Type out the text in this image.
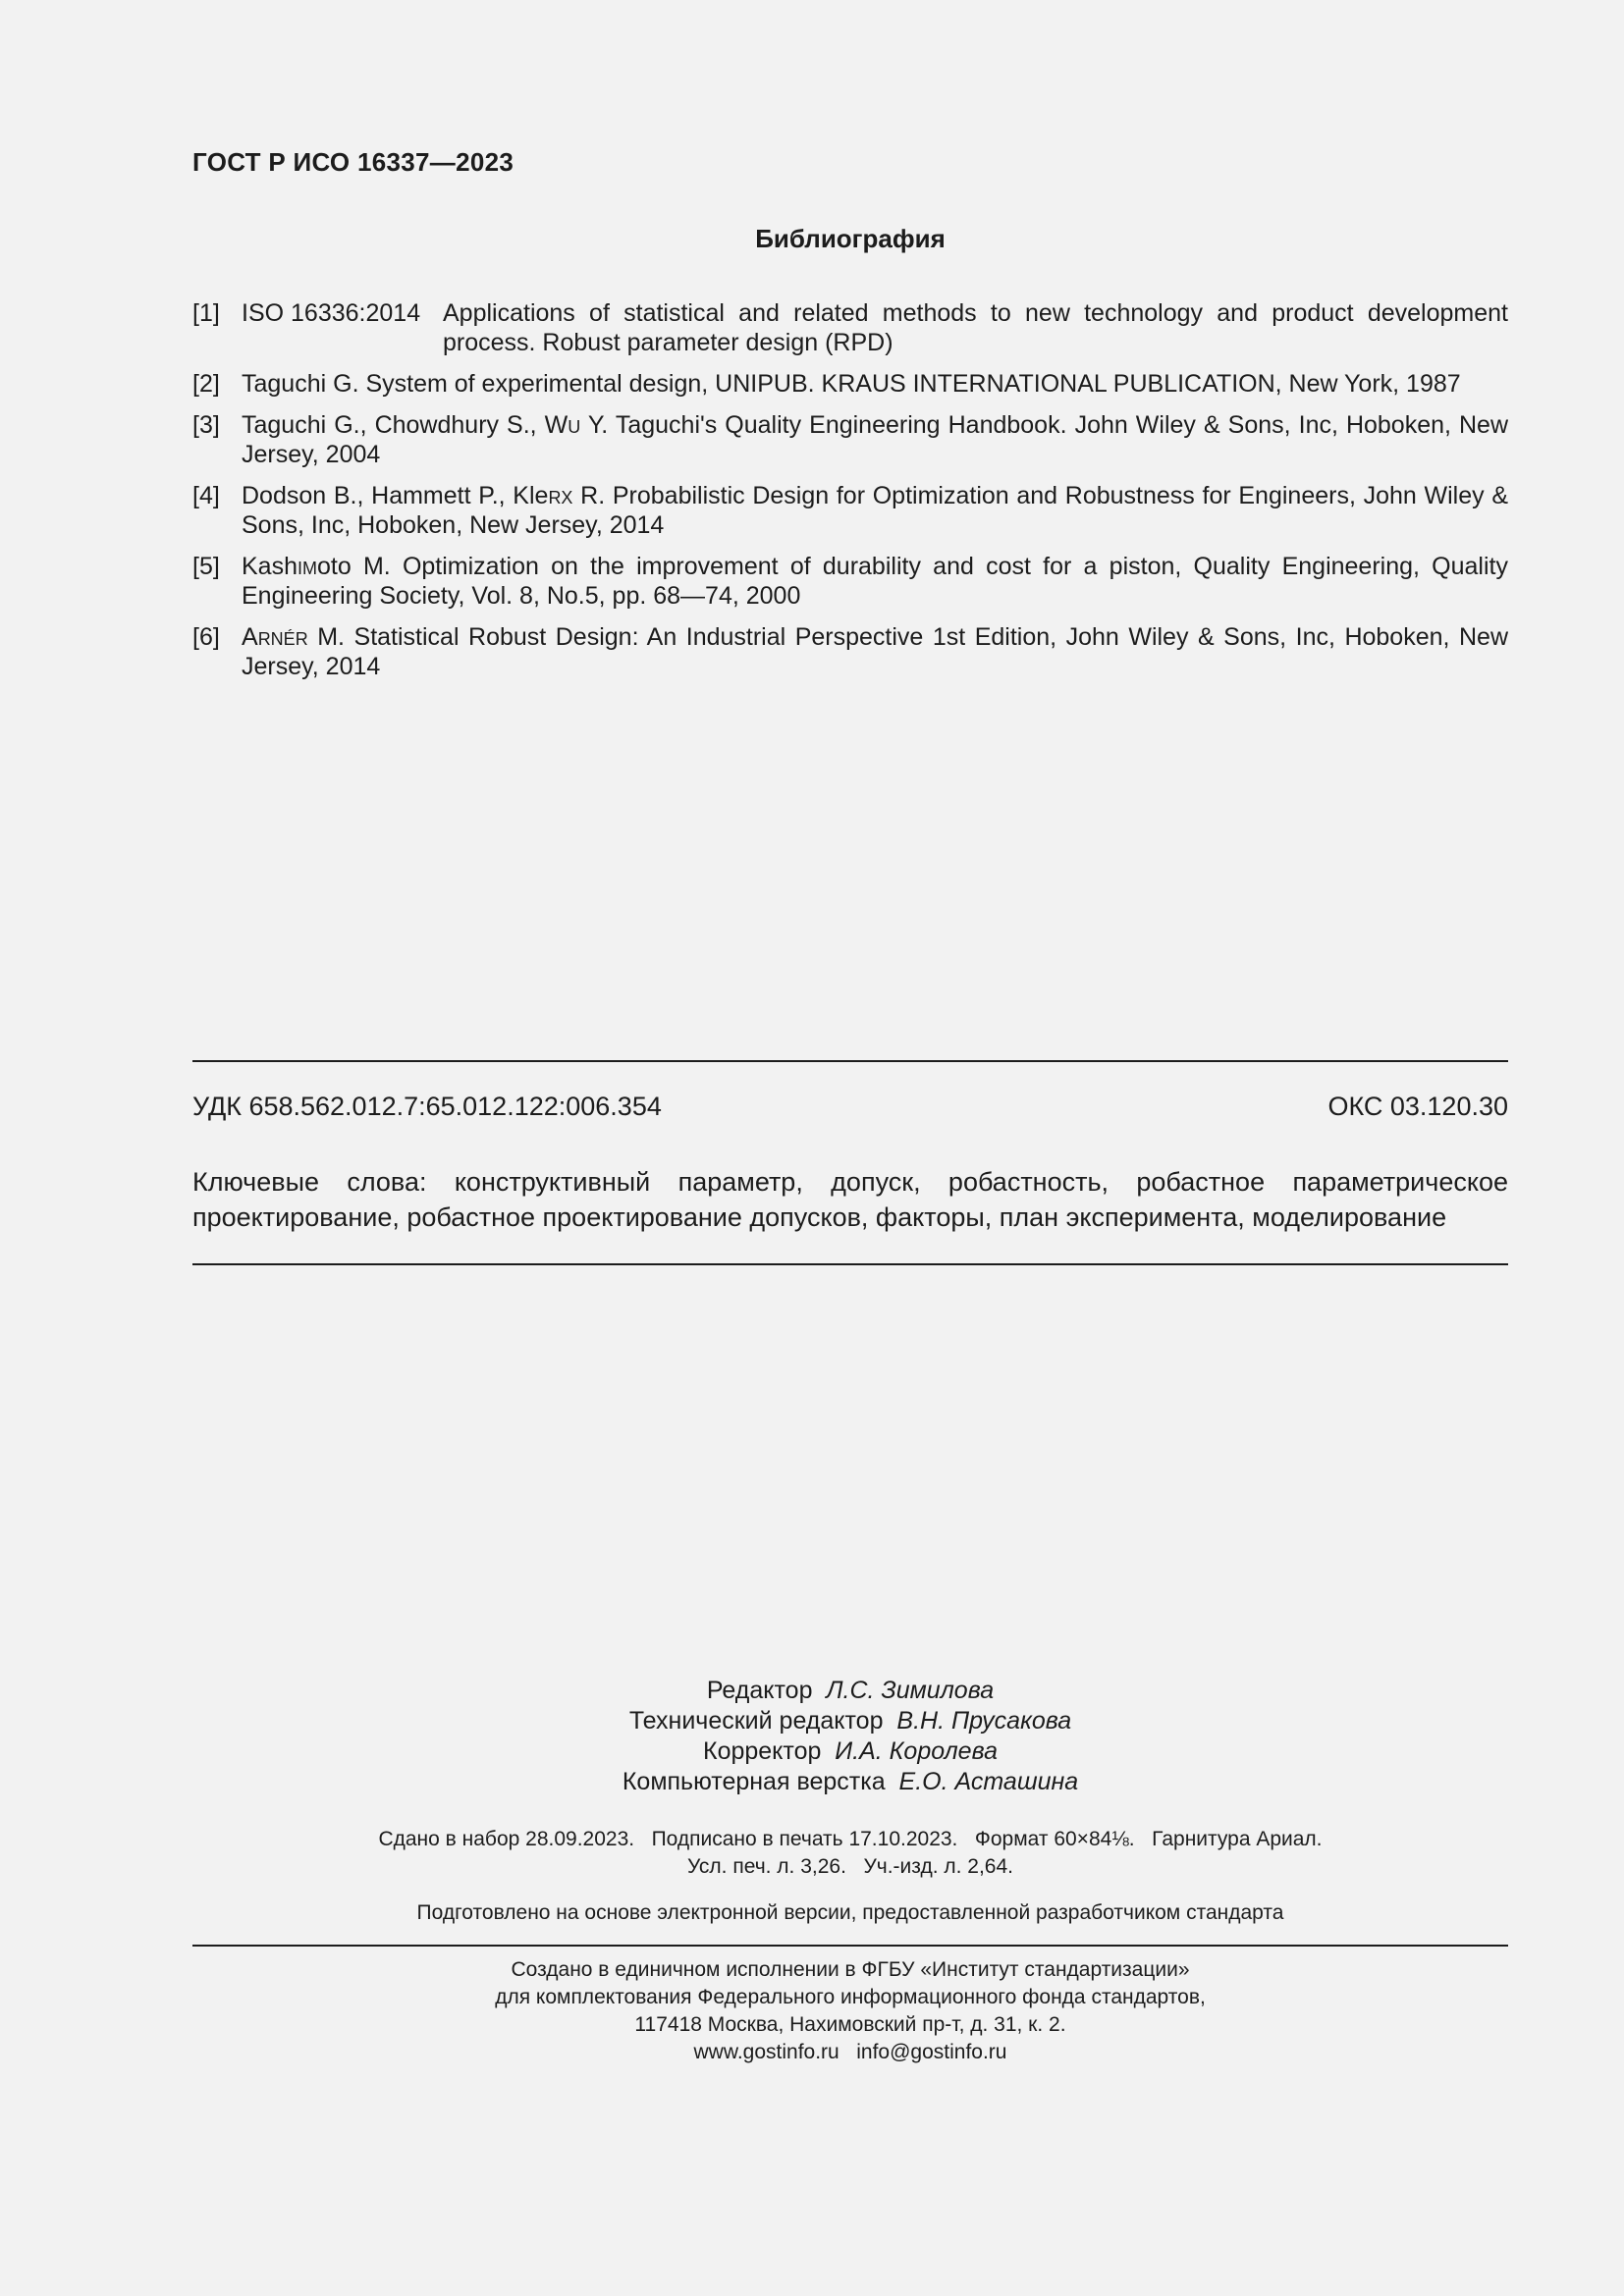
ГОСТ Р ИСО 16337—2023
Библиография
[1] ISO 16336:2014 Applications of statistical and related methods to new technology and product development process. Robust parameter design (RPD)
[2] Taguchi G. System of experimental design, UNIPUB. KRAUS INTERNATIONAL PUBLICATION, New York, 1987
[3] Taguchi G., Chowdhury S., Wu Y. Taguchi's Quality Engineering Handbook. John Wiley & Sons, Inc, Hoboken, New Jersey, 2004
[4] Dodson B., Hammett P., Klerx R. Probabilistic Design for Optimization and Robustness for Engineers, John Wiley & Sons, Inc, Hoboken, New Jersey, 2014
[5] Kashimoto M. Optimization on the improvement of durability and cost for a piston, Quality Engineering, Quality Engineering Society, Vol. 8, No.5, pp. 68—74, 2000
[6] Arnér M. Statistical Robust Design: An Industrial Perspective 1st Edition, John Wiley & Sons, Inc, Hoboken, New Jersey, 2014
УДК 658.562.012.7:65.012.122:006.354	ОКС 03.120.30
Ключевые слова: конструктивный параметр, допуск, робастность, робастное параметрическое проектирование, робастное проектирование допусков, факторы, план эксперимента, моделирование
Редактор Л.С. Зимилова
Технический редактор В.Н. Прусакова
Корректор И.А. Королева
Компьютерная верстка Е.О. Асташина
Сдано в набор 28.09.2023.   Подписано в печать 17.10.2023.   Формат 60×84⅛.   Гарнитура Ариал.
Усл. печ. л. 3,26.   Уч.-изд. л. 2,64.
Подготовлено на основе электронной версии, предоставленной разработчиком стандарта
Создано в единичном исполнении в ФГБУ «Институт стандартизации»
для комплектования Федерального информационного фонда стандартов,
117418 Москва, Нахимовский пр-т, д. 31, к. 2.
www.gostinfo.ru info@gostinfo.ru
